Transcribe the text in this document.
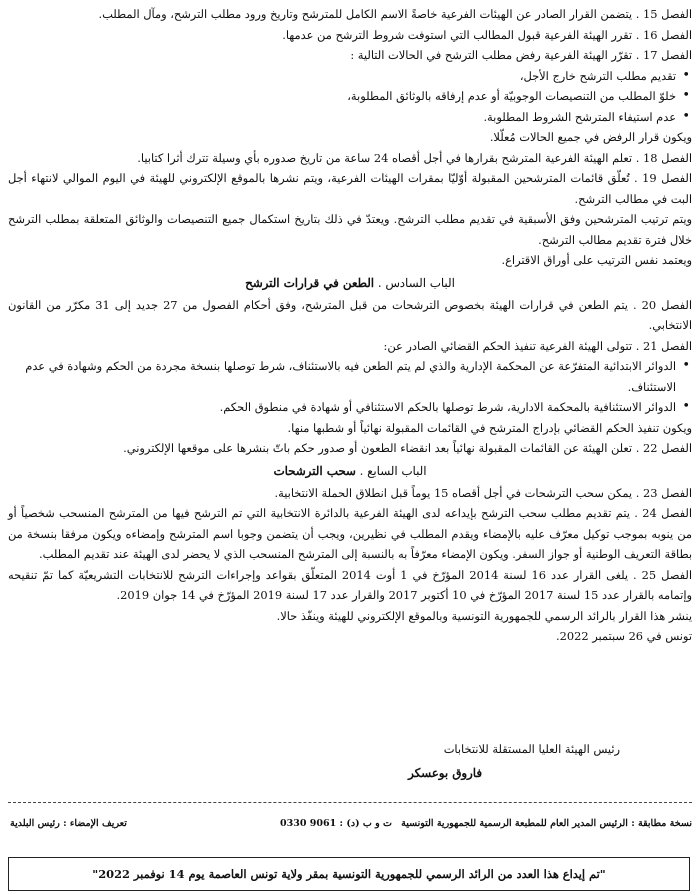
الفصل 15 . يتضمن القرار الصادر عن الهيئات الفرعية خاصةً الاسم الكامل للمترشح وتاريخ ورود مطلب الترشح، ومآل المطلب.

الفصل 16 . تقرر الهيئة الفرعية قبول المطالب التي استوفت شروط الترشح من عدمها.

الفصل 17 . تقرّر الهيئة الفرعية رفض مطلب الترشح في الحالات التالية :

• تقديم مطلب الترشح خارج الأجل،

• خلوّ المطلب من التنصيصات الوجوبيّة أو عدم إرفاقه بالوثائق المطلوبة،

• عدم استيفاء المترشح الشروط المطلوبة.

ويكون قرار الرفض في جميع الحالات مُعلّلا.

الفصل 18 . تعلم الهيئة الفرعية المترشح بقرارها في أجل أقصاه 24 ساعة من تاريخ صدوره بأي وسيلة تترك أثرا كتابيا.

الفصل 19 . تُعلّق قائمات المترشحين المقبولة أوّليّا بمقرات الهيئات الفرعية، ويتم نشرها بالموقع الإلكتروني للهيئة في اليوم الموالي لانتهاء أجل البت في مطالب الترشح.

ويتم ترتيب المترشحين وفق الأسبقية في تقديم مطلب الترشح. ويعتدّ في ذلك بتاريخ استكمال جميع التنصيصات والوثائق المتعلقة بمطلب الترشح خلال فترة تقديم مطالب الترشح.

ويعتمد نفس الترتيب على أوراق الاقتراع.

الباب السادس . الطعن في قرارات الترشح

الفصل 20 . يتم الطعن في قرارات الهيئة بخصوص الترشحات من قبل المترشح، وفق أحكام الفصول من 27 جديد إلى 31 مكرّر من القانون الانتخابي.

الفصل 21 . تتولى الهيئة الفرعية تنفيذ الحكم القضائي الصادر عن:

• الدوائر الابتدائية المتفرّعة عن المحكمة الإدارية والذي لم يتم الطعن فيه بالاستئناف، شرط توصلها بنسخة مجردة من الحكم وشهادة في عدم الاستئناف.

• الدوائر الاستئنافية بالمحكمة الادارية، شرط توصلها بالحكم الاستئنافي أو شهادة في منطوق الحكم.

ويكون تنفيذ الحكم القضائي بإدراج المترشح في القائمات المقبولة نهائياً أو شطبها منها.

الفصل 22 . تعلن الهيئة عن القائمات المقبولة نهائياً بعد انقضاء الطعون أو صدور حكم باتّ بنشرها على موقعها الإلكتروني.

الباب السابع . سحب الترشحات

الفصل 23 . يمكن سحب الترشحات في أجل أقصاه 15 يوماً قبل انطلاق الحملة الانتخابية.

الفصل 24 . يتم تقديم مطلب سحب الترشح بإيداعه لدى الهيئة الفرعية بالدائرة الانتخابية التي تم الترشح فيها من المترشح المنسحب شخصياً أو من ينوبه بموجب توكيل معرّف عليه بالإمضاء ويقدم المطلب في نظيرين، ويجب أن يتضمن وجوبا اسم المترشح وإمضاءه ويكون مرفقا بنسخة من بطاقة التعريف الوطنية أو جواز السفر. ويكون الإمضاء معرّفاً به بالنسبة إلى المترشح المنسحب الذي لا يحضر لدى الهيئة عند تقديم المطلب.

الفصل 25 . يلغى القرار عدد 16 لسنة 2014 المؤرّخ في 1 أوت 2014 المتعلّق بقواعد وإجراءات الترشح للانتخابات التشريعيّة كما تمّ تنقيحه وإتمامه بالقرار عدد 15 لسنة 2017 المؤرّخ في 10 أكتوبر 2017 والقرار عدد 17 لسنة 2019 المؤرّخ في 14 جوان 2019.

ينشر هذا القرار بالرائد الرسمي للجمهورية التونسية وبالموقع الإلكتروني للهيئة وينفّذ حالا.

تونس في 26 سبتمبر 2022.

رئيس الهيئة العليا المستقلة للانتخابات
فاروق بوعسكر
نسخة مطابقة : الرئيس المدير العام للمطبعة الرسمية للجمهورية التونسية
ت و ب (د) : 9061 0330
تعريف الإمضاء : رئيس البلدية
"تم إيداع هذا العدد من الرائد الرسمي للجمهورية التونسية بمقر ولاية تونس العاصمة يوم 14 نوفمبر 2022"
